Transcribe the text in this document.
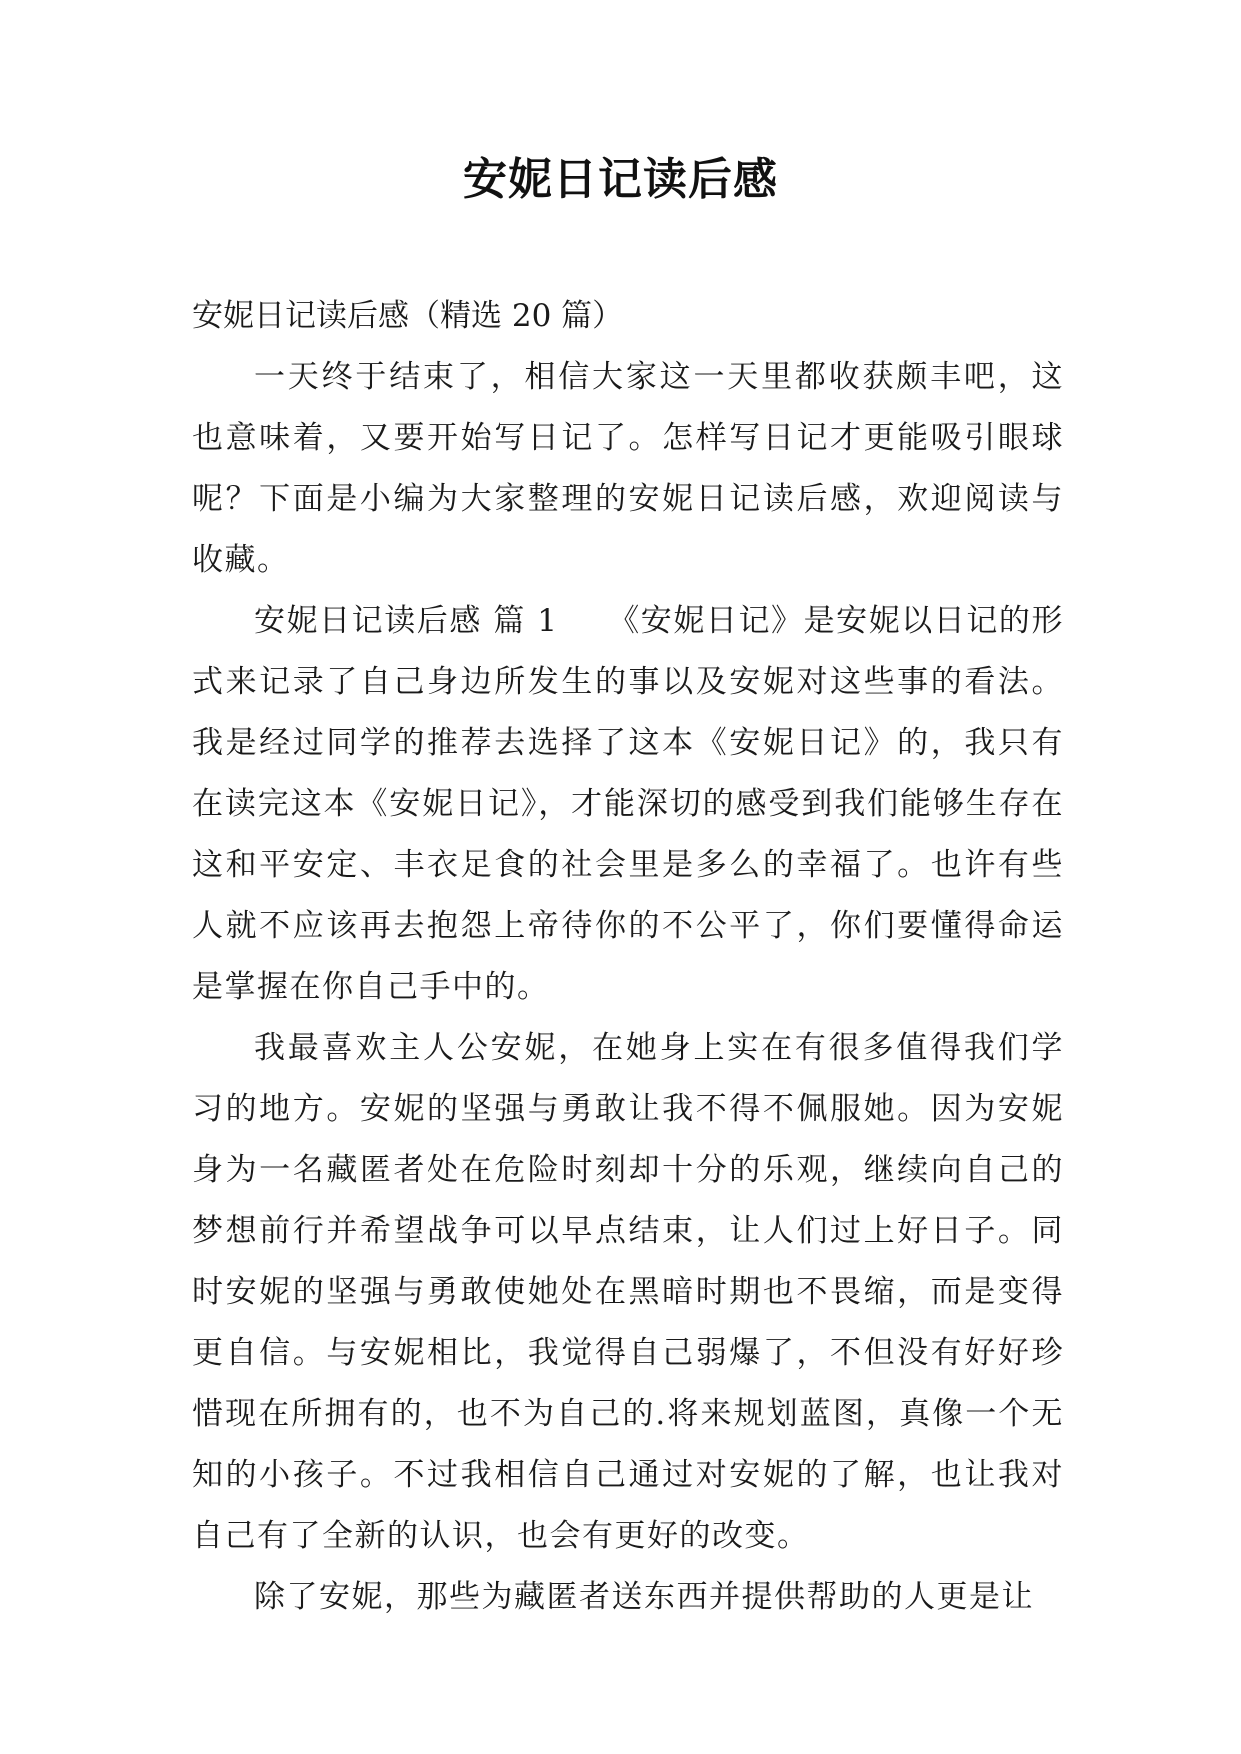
安妮日记读后感
安妮日记读后感（精选 20 篇）

一天终于结束了，相信大家这一天里都收获颇丰吧，这也意味着，又要开始写日记了。怎样写日记才更能吸引眼球呢？下面是小编为大家整理的安妮日记读后感，欢迎阅读与收藏。

安妮日记读后感 篇 1　　《安妮日记》是安妮以日记的形式来记录了自己身边所发生的事以及安妮对这些事的看法。我是经过同学的推荐去选择了这本《安妮日记》的，我只有在读完这本《安妮日记》，才能深切的感受到我们能够生存在这和平安定、丰衣足食的社会里是多么的幸福了。也许有些人就不应该再去抱怨上帝待你的不公平了，你们要懂得命运是掌握在你自己手中的。

我最喜欢主人公安妮，在她身上实在有很多值得我们学习的地方。安妮的坚强与勇敢让我不得不佩服她。因为安妮身为一名藏匿者处在危险时刻却十分的乐观，继续向自己的梦想前行并希望战争可以早点结束，让人们过上好日子。同时安妮的坚强与勇敢使她处在黑暗时期也不畏缩，而是变得更自信。与安妮相比，我觉得自己弱爆了，不但没有好好珍惜现在所拥有的，也不为自己的.将来规划蓝图，真像一个无知的小孩子。不过我相信自己通过对安妮的了解，也让我对自己有了全新的认识，也会有更好的改变。

除了安妮，那些为藏匿者送东西并提供帮助的人更是让
